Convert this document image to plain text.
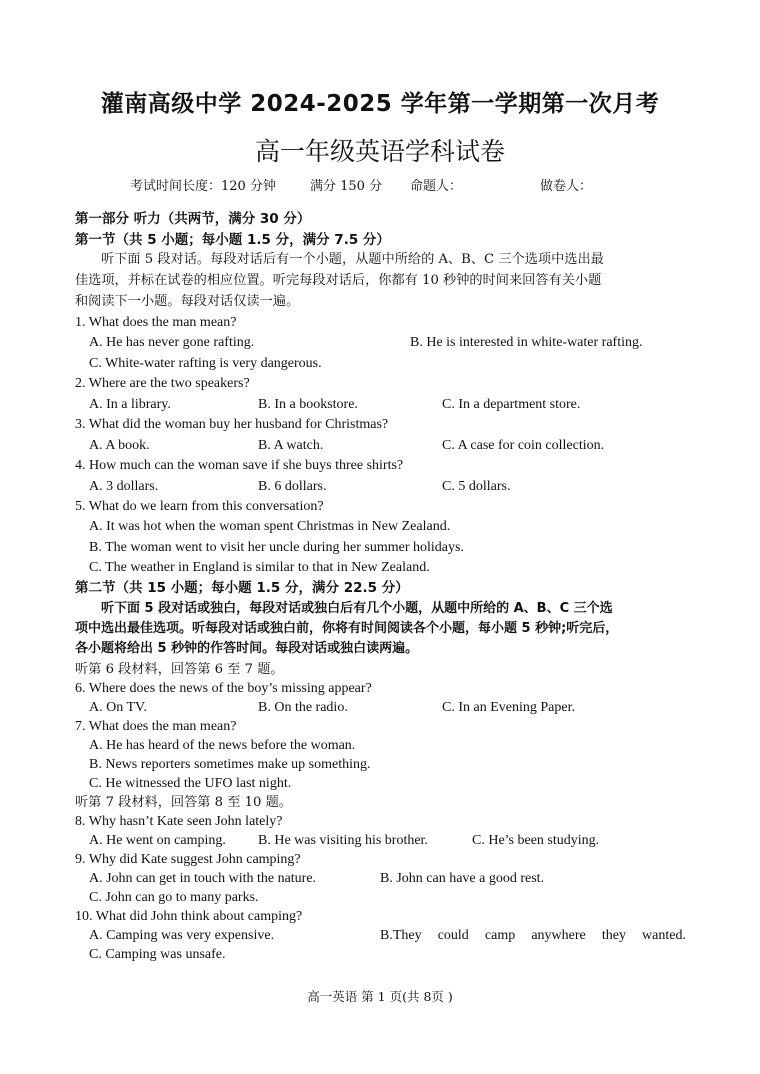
灌南高级中学 2024-2025 学年第一学期第一次月考
高一年级英语学科试卷
考试时间长度：120 分钟	满分 150 分 命题人：	做卷人：
第一部分 听力（共两节，满分 30 分）
第一节（共 5 小题；每小题 1.5 分，满分 7.5 分）
听下面 5 段对话。每段对话后有一个小题，从题中所给的 A、B、C 三个选项中选出最
佳选项，并标在试卷的相应位置。听完每段对话后，你都有 10 秒钟的时间来回答有关小题
和阅读下一小题。每段对话仅读一遍。
1. What does the man mean?
A. He has never gone rafting.	B. He is interested in white-water rafting.
C. White-water rafting is very dangerous.
2. Where are the two speakers?
A. In a library.	B. In a bookstore.	C. In a department store.
3. What did the woman buy her husband for Christmas?
A. A book.	B. A watch.	C. A case for coin collection.
4. How much can the woman save if she buys three shirts?
A. 3 dollars.	B. 6 dollars.	C. 5 dollars.
5. What do we learn from this conversation?
A. It was hot when the woman spent Christmas in New Zealand.
B. The woman went to visit her uncle during her summer holidays.
C. The weather in England is similar to that in New Zealand.
第二节（共 15 小题；每小题 1.5 分，满分 22.5 分）
听下面 5 段对话或独白，每段对话或独白后有几个小题，从题中所给的 A、B、C 三个选
项中选出最佳选项。听每段对话或独白前，你将有时间阅读各个小题，每小题 5 秒钟;听完后，
各小题将给出 5 秒钟的作答时间。每段对话或独白读两遍。
听第 6 段材料，回答第 6 至 7 题。
6. Where does the news of the boy’s missing appear?
A. On TV.	B. On the radio.	C. In an Evening Paper.
7. What does the man mean?
A. He has heard of the news before the woman.
B. News reporters sometimes make up something.
C. He witnessed the UFO last night.
听第 7 段材料，回答第 8 至 10 题。
8. Why hasn’t Kate seen John lately?
A. He went on camping. B. He was visiting his brother.	C. He’s been studying.
9. Why did Kate suggest John camping?
A. John can get in touch with the nature.	B. John can have a good rest.
C. John can go to many parks.
10. What did John think about camping?
A. Camping was very expensive.	B.They could camp anywhere they wanted.
C. Camping was unsafe.
高一英语 第 1 页(共 8页 )
